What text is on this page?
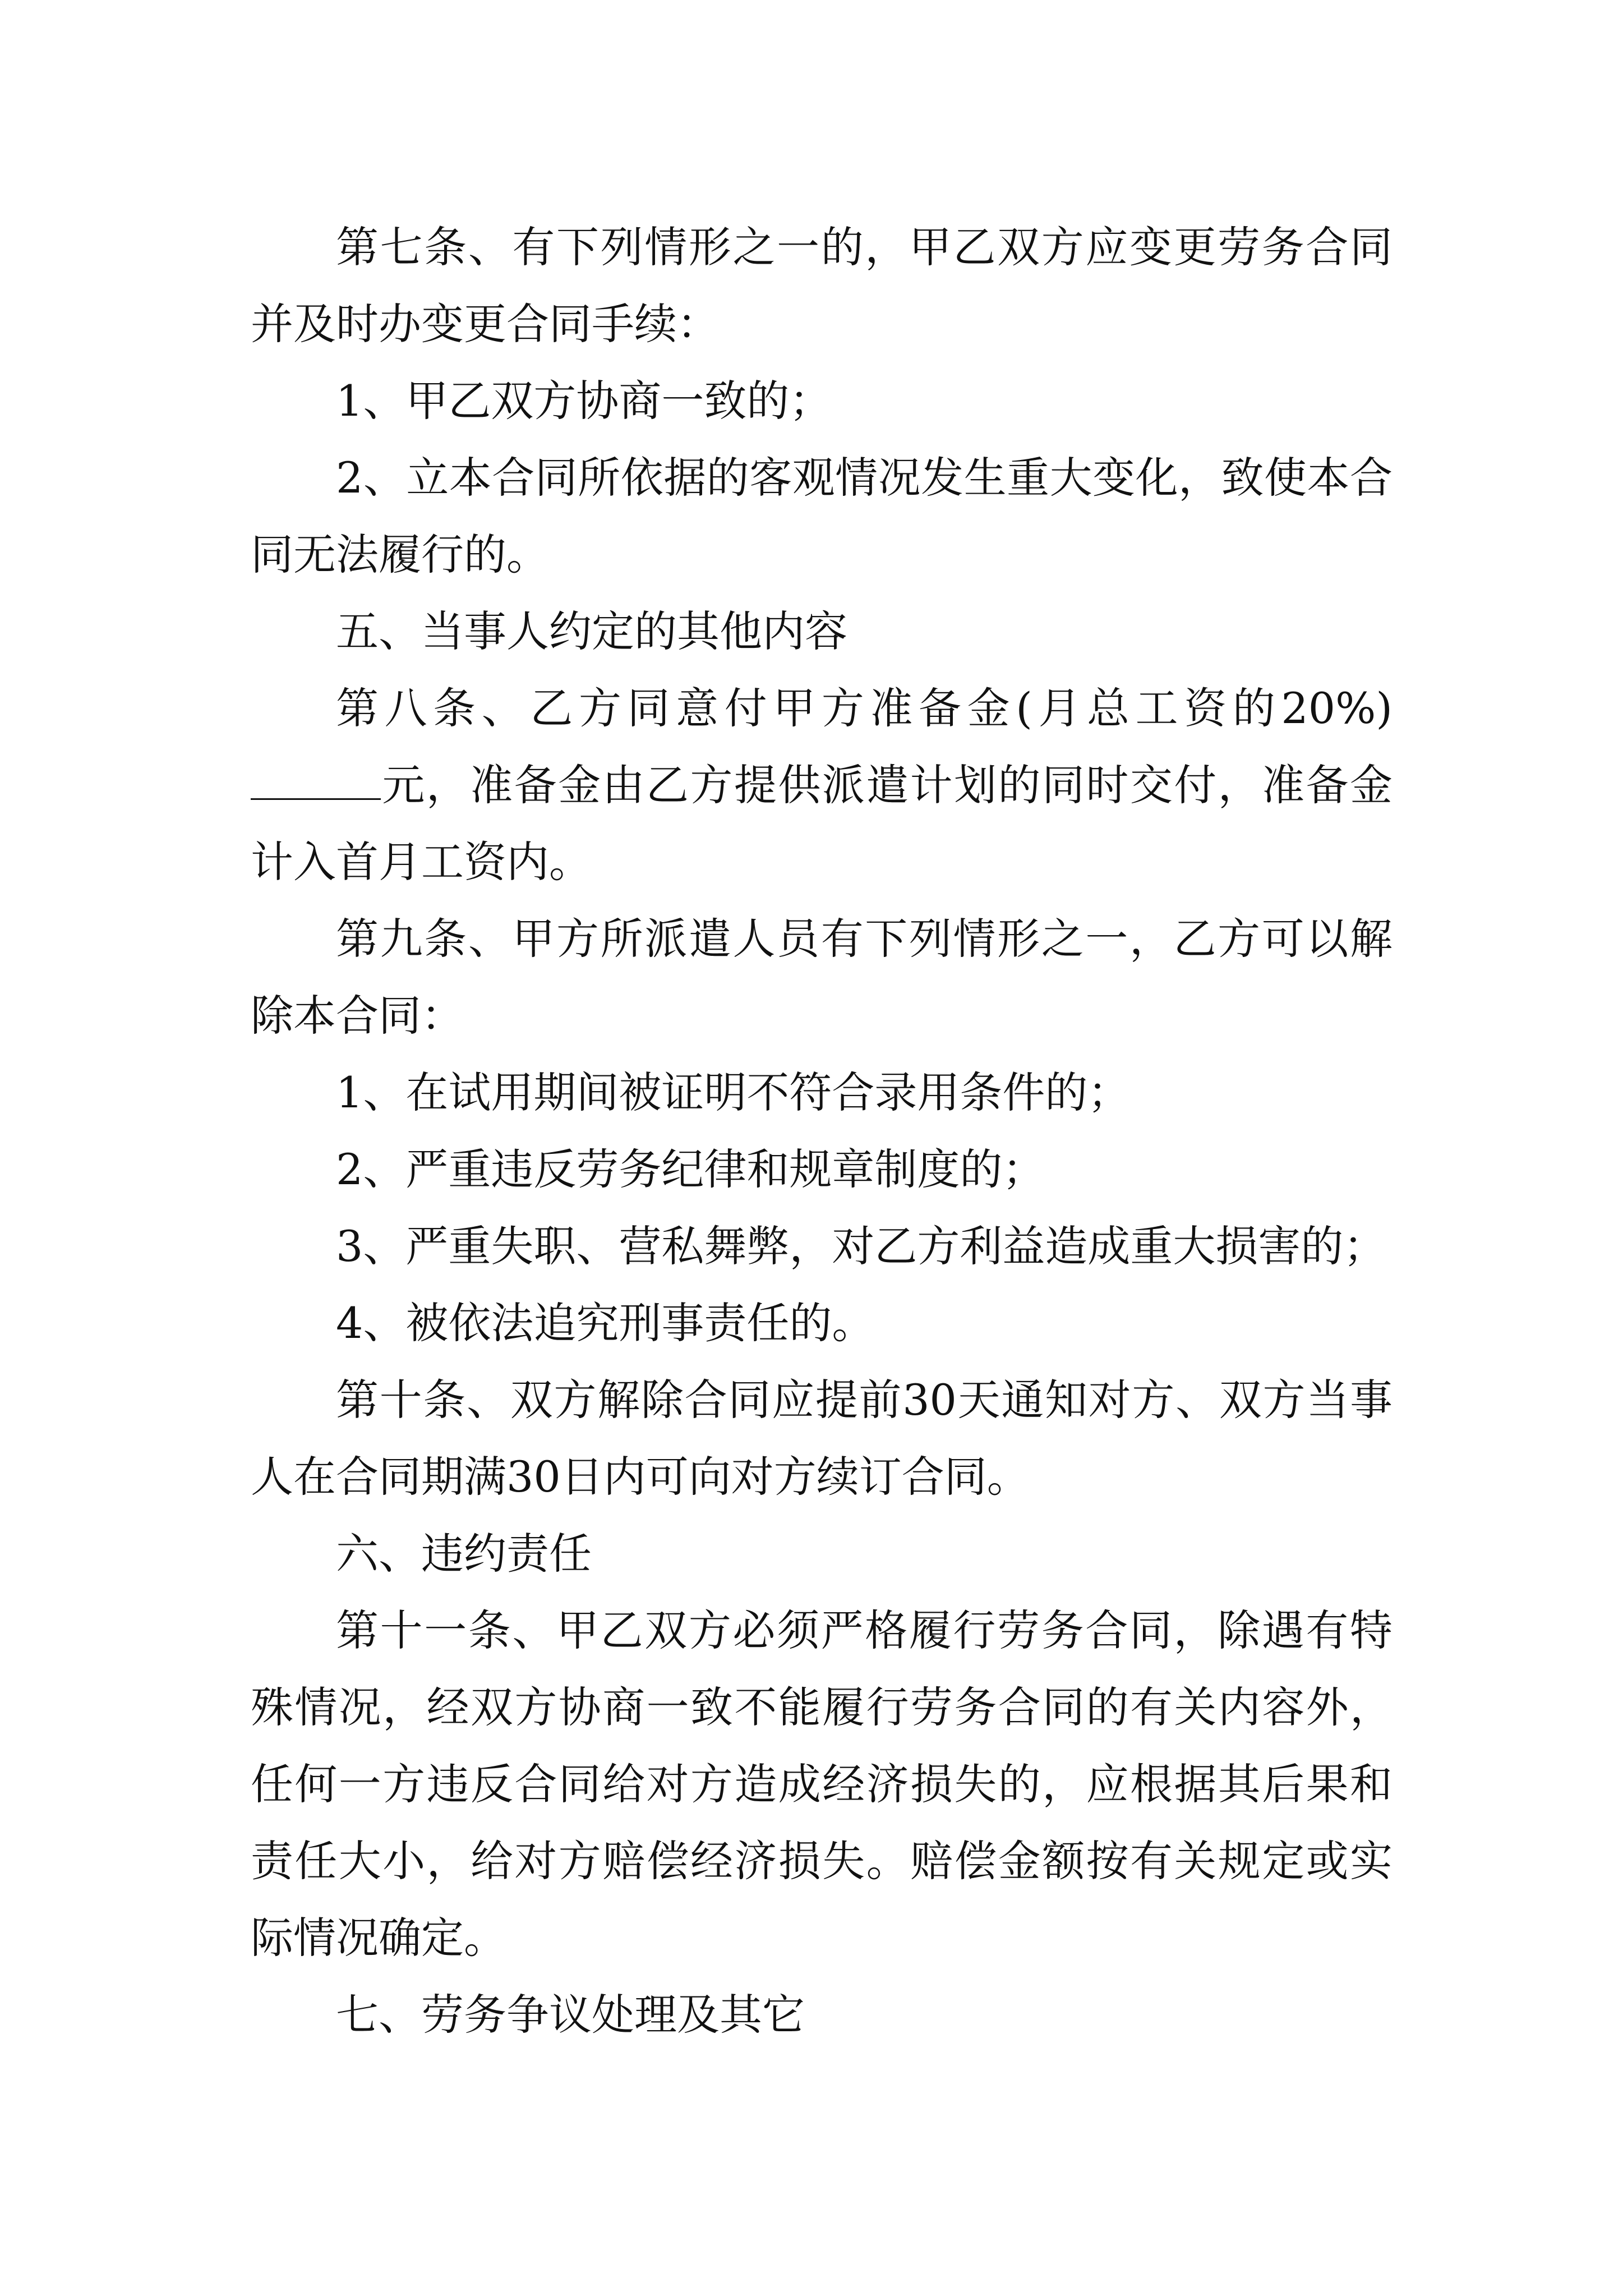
第七条、有下列情形之一的，甲乙双方应变更劳务合同并及时办变更合同手续：

1、甲乙双方协商一致的；

2、立本合同所依据的客观情况发生重大变化，致使本合同无法履行的。

五、当事人约定的其他内容

第八条、乙方同意付甲方准备金(月总工资的20%)元，准备金由乙方提供派遣计划的同时交付，准备金计入首月工资内。

第九条、甲方所派遣人员有下列情形之一，乙方可以解除本合同：

1、在试用期间被证明不符合录用条件的；

2、严重违反劳务纪律和规章制度的；

3、严重失职、营私舞弊，对乙方利益造成重大损害的；

4、被依法追究刑事责任的。

第十条、双方解除合同应提前30天通知对方、双方当事人在合同期满30日内可向对方续订合同。

六、违约责任

第十一条、甲乙双方必须严格履行劳务合同，除遇有特殊情况，经双方协商一致不能履行劳务合同的有关内容外，任何一方违反合同给对方造成经济损失的，应根据其后果和责任大小，给对方赔偿经济损失。赔偿金额按有关规定或实际情况确定。

七、劳务争议处理及其它
